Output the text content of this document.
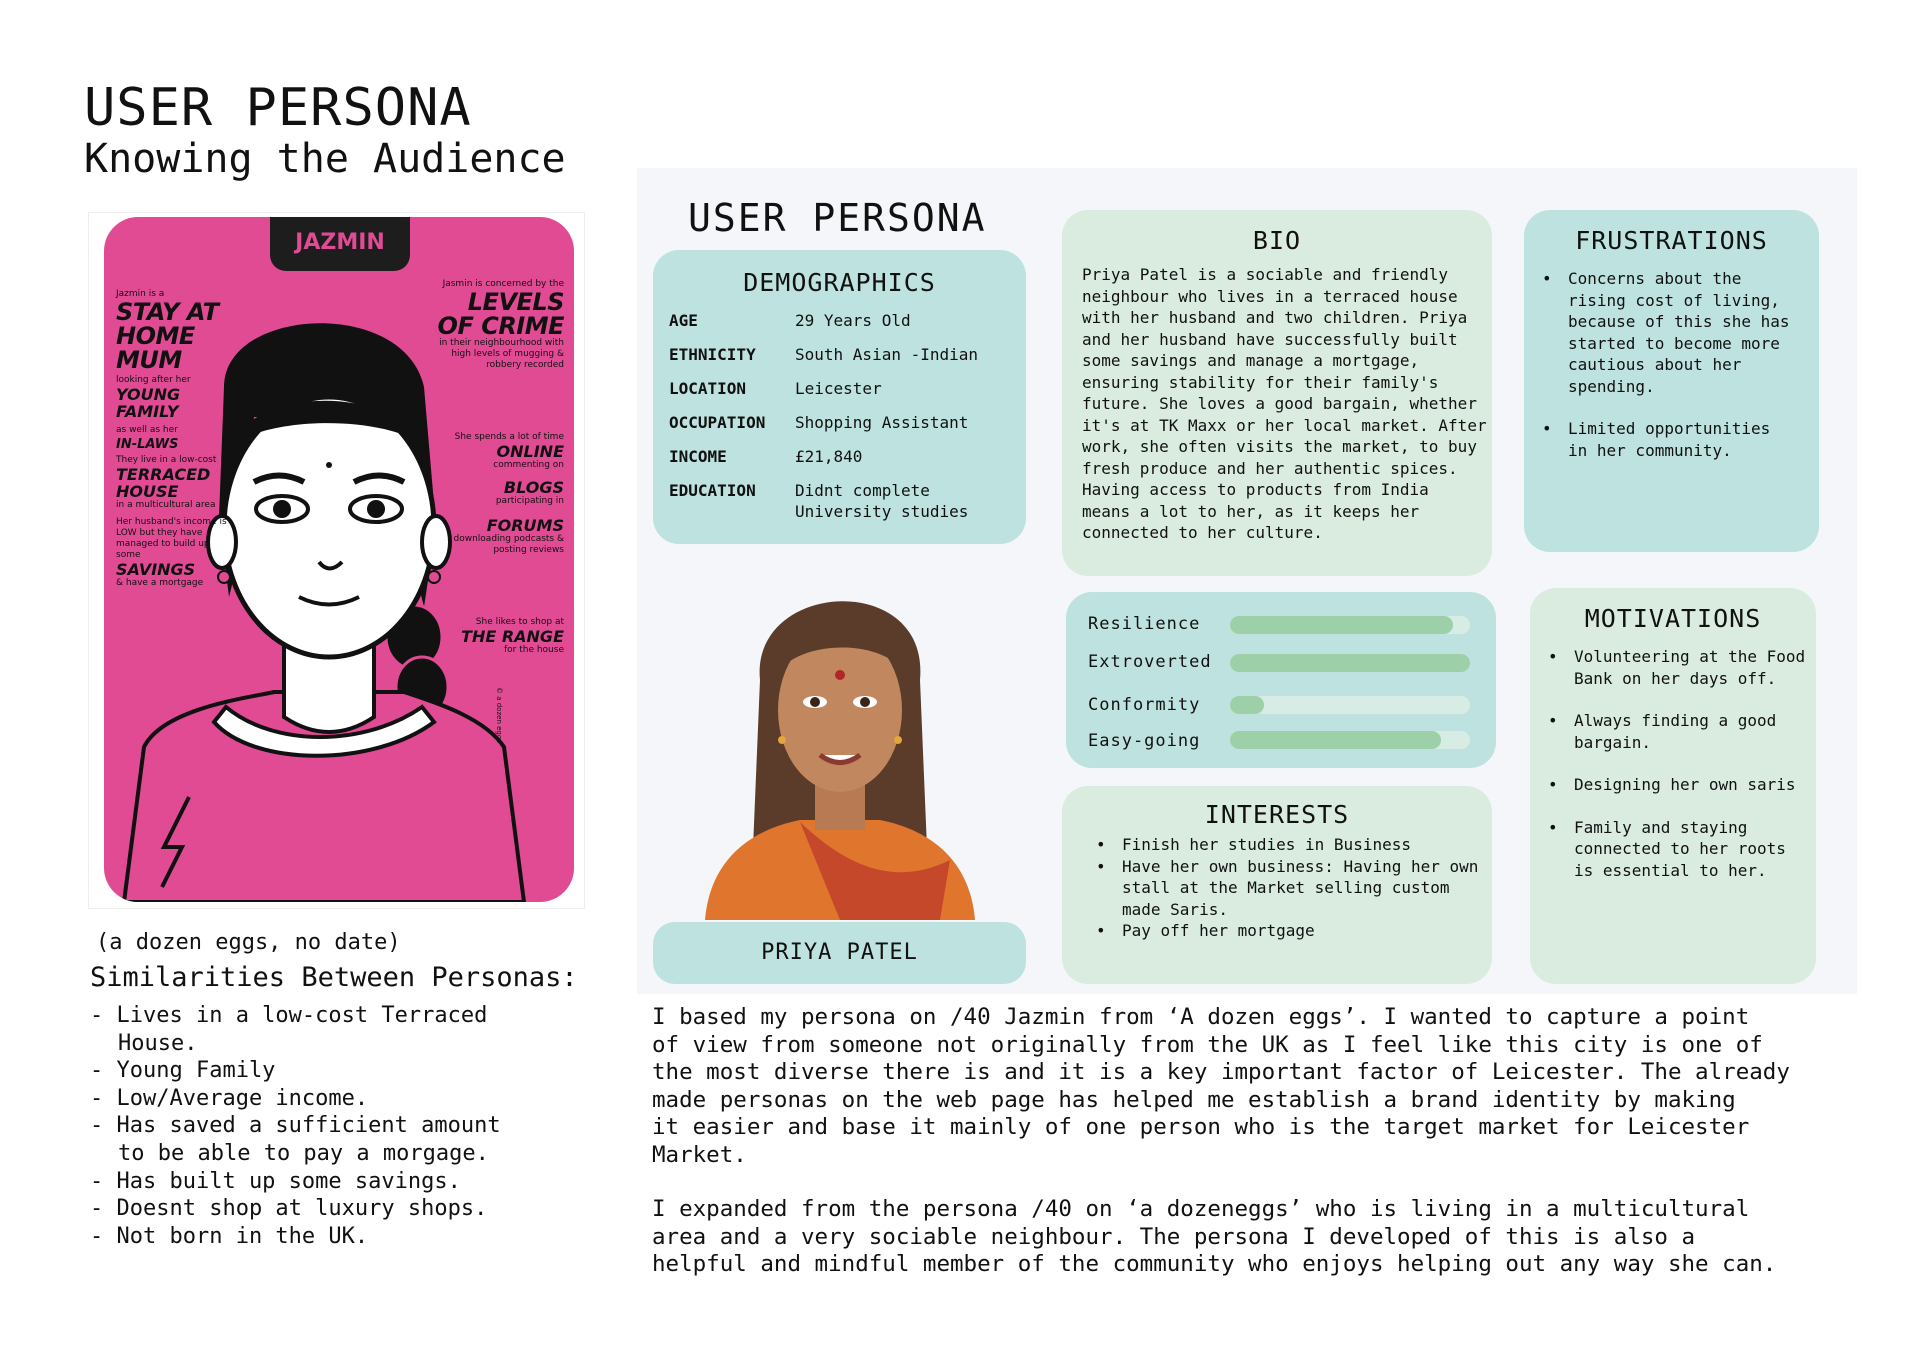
USER PERSONA
Knowing the Audience
JAZMIN
Jazmin is a
STAY AT HOME MUM
looking after her
YOUNG FAMILY
as well as her
IN-LAWS
They live in a low-cost
TERRACED HOUSE
in a multicultural area
Her husband's income is LOW but they have managed to build up some
SAVINGS
& have a mortgage
Jasmin is concerned by the
LEVELS OF CRIME
in their neighbourhood with high levels of mugging & robbery recorded
She spends a lot of time
ONLINE
commenting on
BLOGS
participating in
FORUMS
downloading podcasts & posting reviews
She likes to shop at
THE RANGE
for the house
© a dozen eggs
(a dozen eggs, no date)
Similarities Between Personas:
- Lives in a low-cost Terraced
House.
- Young Family
- Low/Average income.
- Has saved a sufficient amount
to be able to pay a morgage.
- Has built up some savings.
- Doesnt shop at luxury shops.
- Not born in the UK.
USER PERSONA
DEMOGRAPHICS
AGE	29 Years Old
ETHNICITY	South Asian -Indian
LOCATION	Leicester
OCCUPATION	Shopping Assistant
INCOME	£21,840
EDUCATION	Didnt complete
University studies
PRIYA PATEL
BIO
Priya Patel is a sociable and friendly
neighbour who lives in a terraced house
with her husband and two children. Priya
and her husband have successfully built
some savings and manage a mortgage,
ensuring stability for their family's
future. She loves a good bargain, whether
it's at TK Maxx or her local market. After
work, she often visits the market, to buy
fresh produce and her authentic spices.
Having access to products from India
means a lot to her, as it keeps her
connected to her culture.
FRUSTRATIONS
• Concerns about the
rising cost of living,
because of this she has
started to become more
cautious about her
spending.
• Limited opportunities
in her community.
Resilience
Extroverted
Conformity
Easy-going
INTERESTS
• Finish her studies in Business
• Have her own business: Having her own
stall at the Market selling custom
made Saris.
• Pay off her mortgage
MOTIVATIONS
• Volunteering at the Food
Bank on her days off.
• Always finding a good
bargain.
• Designing her own saris
• Family and staying
connected to her roots
is essential to her.
I based my persona on /40 Jazmin from ‘A dozen eggs’. I wanted to capture a point
of view from someone not originally from the UK as I feel like this city is one of
the most diverse there is and it is a key important factor of Leicester. The already
made personas on the web page has helped me establish a brand identity by making
it easier and base it mainly of one person who is the target market for Leicester
Market.
I expanded from the persona /40 on ‘a dozeneggs’ who is living in a multicultural
area and a very sociable neighbour. The persona I developed of this is also a
helpful and mindful member of the community who enjoys helping out any way she can.
